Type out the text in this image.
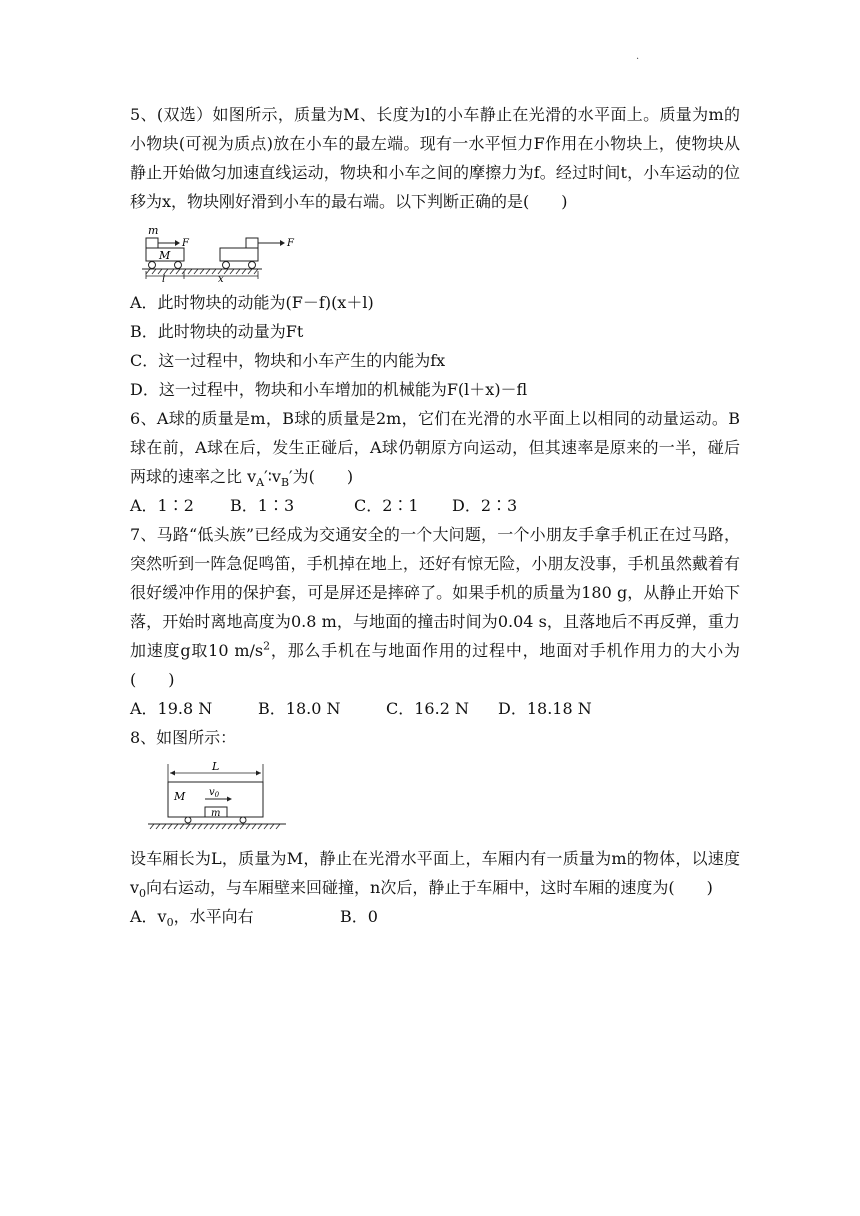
·

5、(双选）如图所示，质量为M、长度为l的小车静止在光滑的水平面上。质量为m的小物块(可视为质点)放在小车的最左端。现有一水平恒力F作用在小物块上，使物块从静止开始做匀加速直线运动，物块和小车之间的摩擦力为f。经过时间t，小车运动的位移为x，物块刚好滑到小车的最右端。以下判断正确的是(　　)

m
M
F	F
l	x

A．此时物块的动能为(F－f)(x＋l)

B．此时物块的动量为Ft

C．这一过程中，物块和小车产生的内能为fx

D．这一过程中，物块和小车增加的机械能为F(l＋x)－fl

6、A球的质量是m，B球的质量是2m，它们在光滑的水平面上以相同的动量运动。B球在前，A球在后，发生正碰后，A球仍朝原方向运动，但其速率是原来的一半，碰后两球的速率之比 $v_A'∶v_B'$为(　　)

A．1∶2	B．1∶3	C．2∶1	D．2∶3

7、马路“低头族”已经成为交通安全的一个大问题，一个小朋友手拿手机正在过马路，突然听到一阵急促鸣笛，手机掉在地上，还好有惊无险，小朋友没事，手机虽然戴着有很好缓冲作用的保护套，可是屏还是摔碎了。如果手机的质量为180 g，从静止开始下落，开始时离地高度为0.8 m，与地面的撞击时间为0.04 s，且落地后不再反弹，重力加速度g取10 $m/s^2$，那么手机在与地面作用的过程中，地面对手机作用力的大小为(　　)

A．19.8 N	B．18.0 N	C．16.2 N	D．18.18 N

8、如图所示：

L
M $v_0$
m

设车厢长为L，质量为M，静止在光滑水平面上，车厢内有一质量为m的物体，以速度$v_0$向右运动，与车厢壁来回碰撞，n次后，静止于车厢中，这时车厢的速度为(　　)

A．$v_0$，水平向右	B．0
